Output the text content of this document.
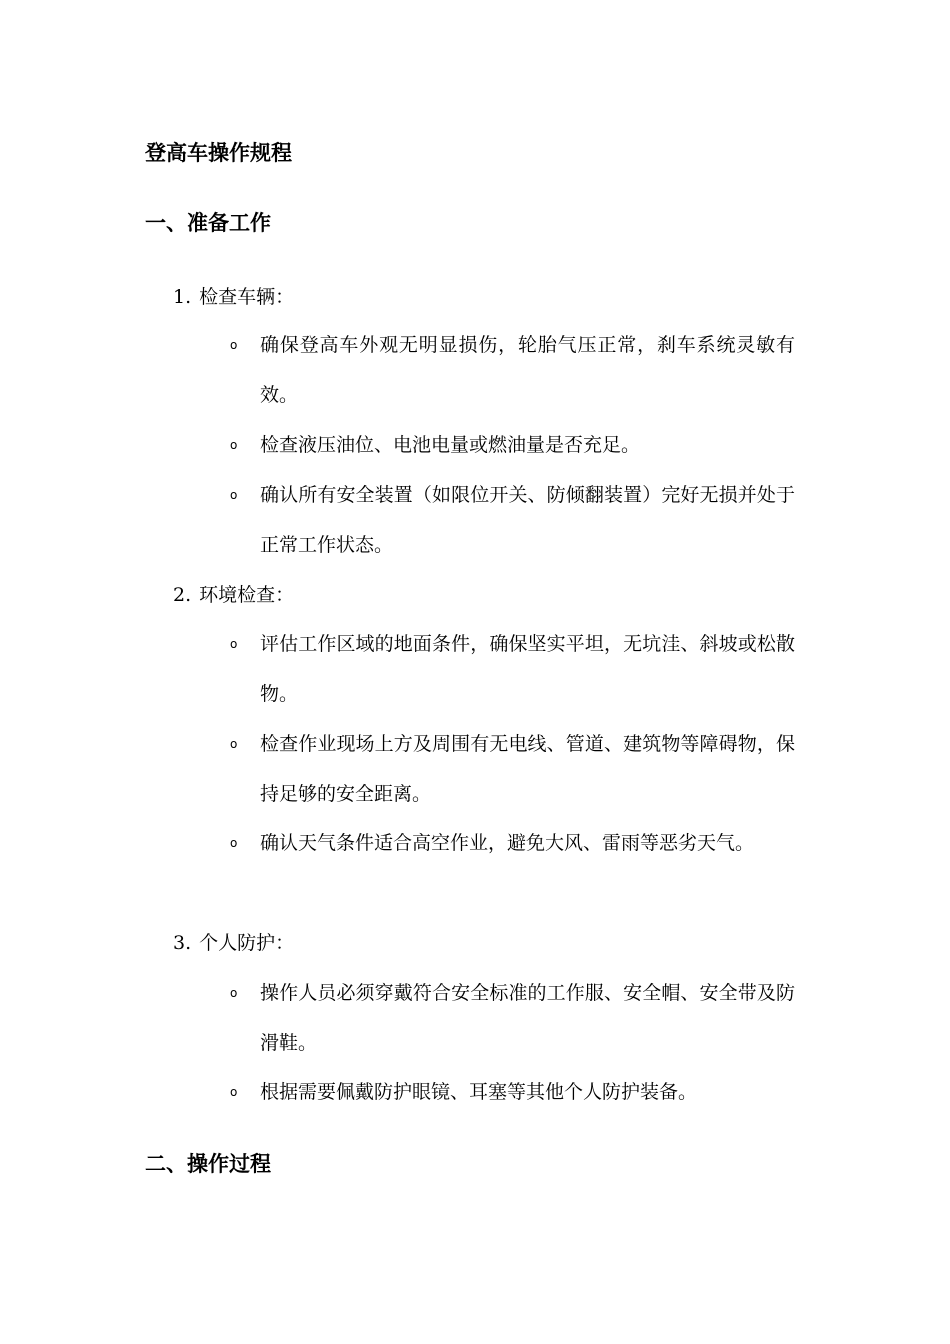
登高车操作规程
一、准备工作
1. 检查车辆：
o 确保登高车外观无明显损伤，轮胎气压正常，刹车系统灵敏有效。
o 检查液压油位、电池电量或燃油量是否充足。
o 确认所有安全装置（如限位开关、防倾翻装置）完好无损并处于正常工作状态。
2. 环境检查：
o 评估工作区域的地面条件，确保坚实平坦，无坑洼、斜坡或松散物。
o 检查作业现场上方及周围有无电线、管道、建筑物等障碍物，保持足够的安全距离。
o 确认天气条件适合高空作业，避免大风、雷雨等恶劣天气。
3. 个人防护：
o 操作人员必须穿戴符合安全标准的工作服、安全帽、安全带及防滑鞋。
o 根据需要佩戴防护眼镜、耳塞等其他个人防护装备。
二、操作过程
